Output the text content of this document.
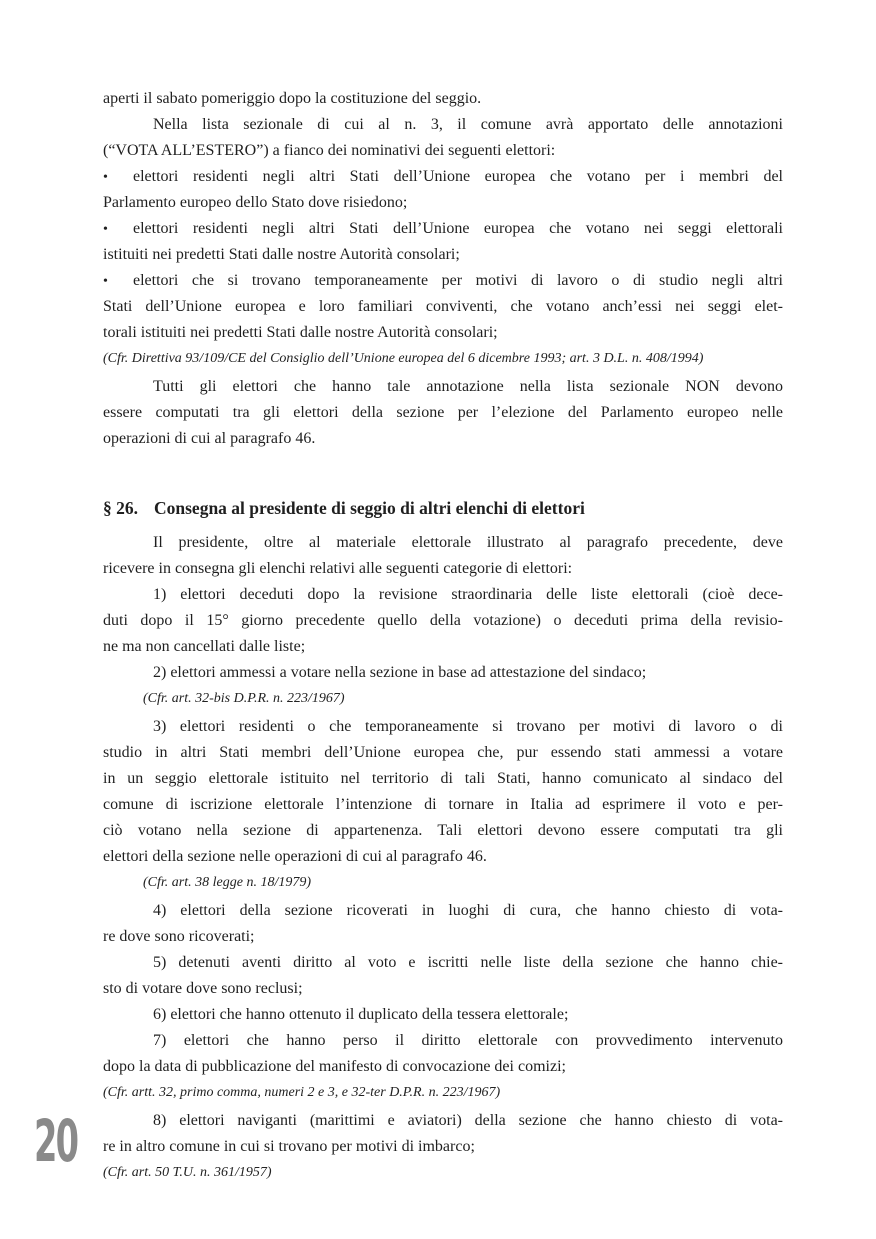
aperti il sabato pomeriggio dopo la costituzione del seggio.
Nella lista sezionale di cui al n. 3, il comune avrà apportato delle annotazioni
(“VOTA ALL’ESTERO”) a fianco dei nominativi dei seguenti elettori:
• elettori residenti negli altri Stati dell’Unione europea che votano per i membri del
Parlamento europeo dello Stato dove risiedono;
• elettori residenti negli altri Stati dell’Unione europea che votano nei seggi elettorali
istituiti nei predetti Stati dalle nostre Autorità consolari;
• elettori che si trovano temporaneamente per motivi di lavoro o di studio negli altri
Stati dell’Unione europea e loro familiari conviventi, che votano anch’essi nei seggi elet-
torali istituiti nei predetti Stati dalle nostre Autorità consolari;
(Cfr. Direttiva 93/109/CE del Consiglio dell’Unione europea del 6 dicembre 1993; art. 3 D.L. n. 408/1994)
Tutti gli elettori che hanno tale annotazione nella lista sezionale NON devono
essere computati tra gli elettori della sezione per l’elezione del Parlamento europeo nelle
operazioni di cui al paragrafo 46.
§ 26. Consegna al presidente di seggio di altri elenchi di elettori
Il presidente, oltre al materiale elettorale illustrato al paragrafo precedente, deve
ricevere in consegna gli elenchi relativi alle seguenti categorie di elettori:
1) elettori deceduti dopo la revisione straordinaria delle liste elettorali (cioè dece-
duti dopo il 15° giorno precedente quello della votazione) o deceduti prima della revisio-
ne ma non cancellati dalle liste;
2) elettori ammessi a votare nella sezione in base ad attestazione del sindaco;
(Cfr. art. 32-bis D.P.R. n. 223/1967)
3) elettori residenti o che temporaneamente si trovano per motivi di lavoro o di
studio in altri Stati membri dell’Unione europea che, pur essendo stati ammessi a votare
in un seggio elettorale istituito nel territorio di tali Stati, hanno comunicato al sindaco del
comune di iscrizione elettorale l’intenzione di tornare in Italia ad esprimere il voto e per-
ciò votano nella sezione di appartenenza. Tali elettori devono essere computati tra gli
elettori della sezione nelle operazioni di cui al paragrafo 46.
(Cfr. art. 38 legge n. 18/1979)
4) elettori della sezione ricoverati in luoghi di cura, che hanno chiesto di vota-
re dove sono ricoverati;
5) detenuti aventi diritto al voto e iscritti nelle liste della sezione che hanno chie-
sto di votare dove sono reclusi;
6) elettori che hanno ottenuto il duplicato della tessera elettorale;
7) elettori che hanno perso il diritto elettorale con provvedimento intervenuto
dopo la data di pubblicazione del manifesto di convocazione dei comizi;
(Cfr. artt. 32, primo comma, numeri 2 e 3, e 32-ter D.P.R. n. 223/1967)
8) elettori naviganti (marittimi e aviatori) della sezione che hanno chiesto di vota-
re in altro comune in cui si trovano per motivi di imbarco;
(Cfr. art. 50 T.U. n. 361/1957)
20
